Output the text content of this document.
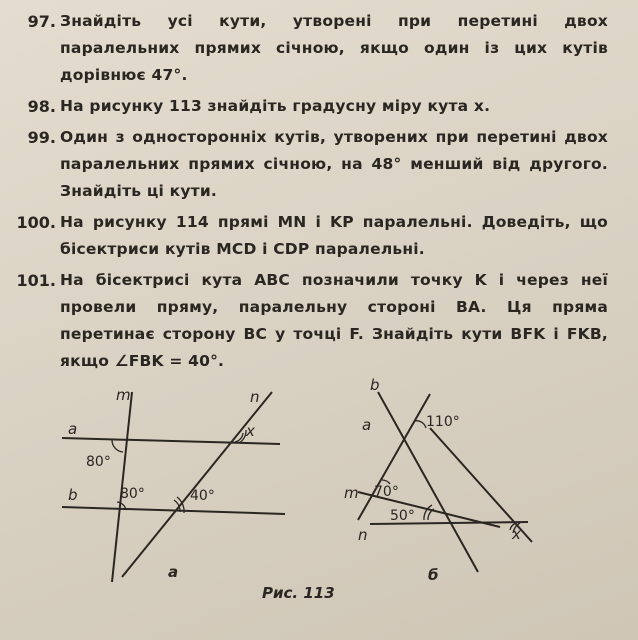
97. Знайдіть усі кути, утворені при перетині двох паралельних прямих січною, якщо один із цих кутів дорівнює 47°.
98. На рисунку 113 знайдіть градусну міру кута x.
99. Один з односторонніх кутів, утворених при перетині двох паралельних прямих січною, на 48° менший від другого. Знайдіть ці кути.
100. На рисунку 114 прямі MN і KP паралельні. Доведіть, що бісектриси кутів MCD і CDP паралельні.
101. На бісектрисі кута ABC позначили точку K і через неї провели пряму, паралельну стороні BA. Ця пряма перетинає сторону BC у точці F. Знайдіть кути BFK і FKB, якщо ∠FBK = 40°.
m	n
a
b
80°
80°	40°
x
а
b
a
m
n
110°
70°
50°
x
б
Рис. 113
